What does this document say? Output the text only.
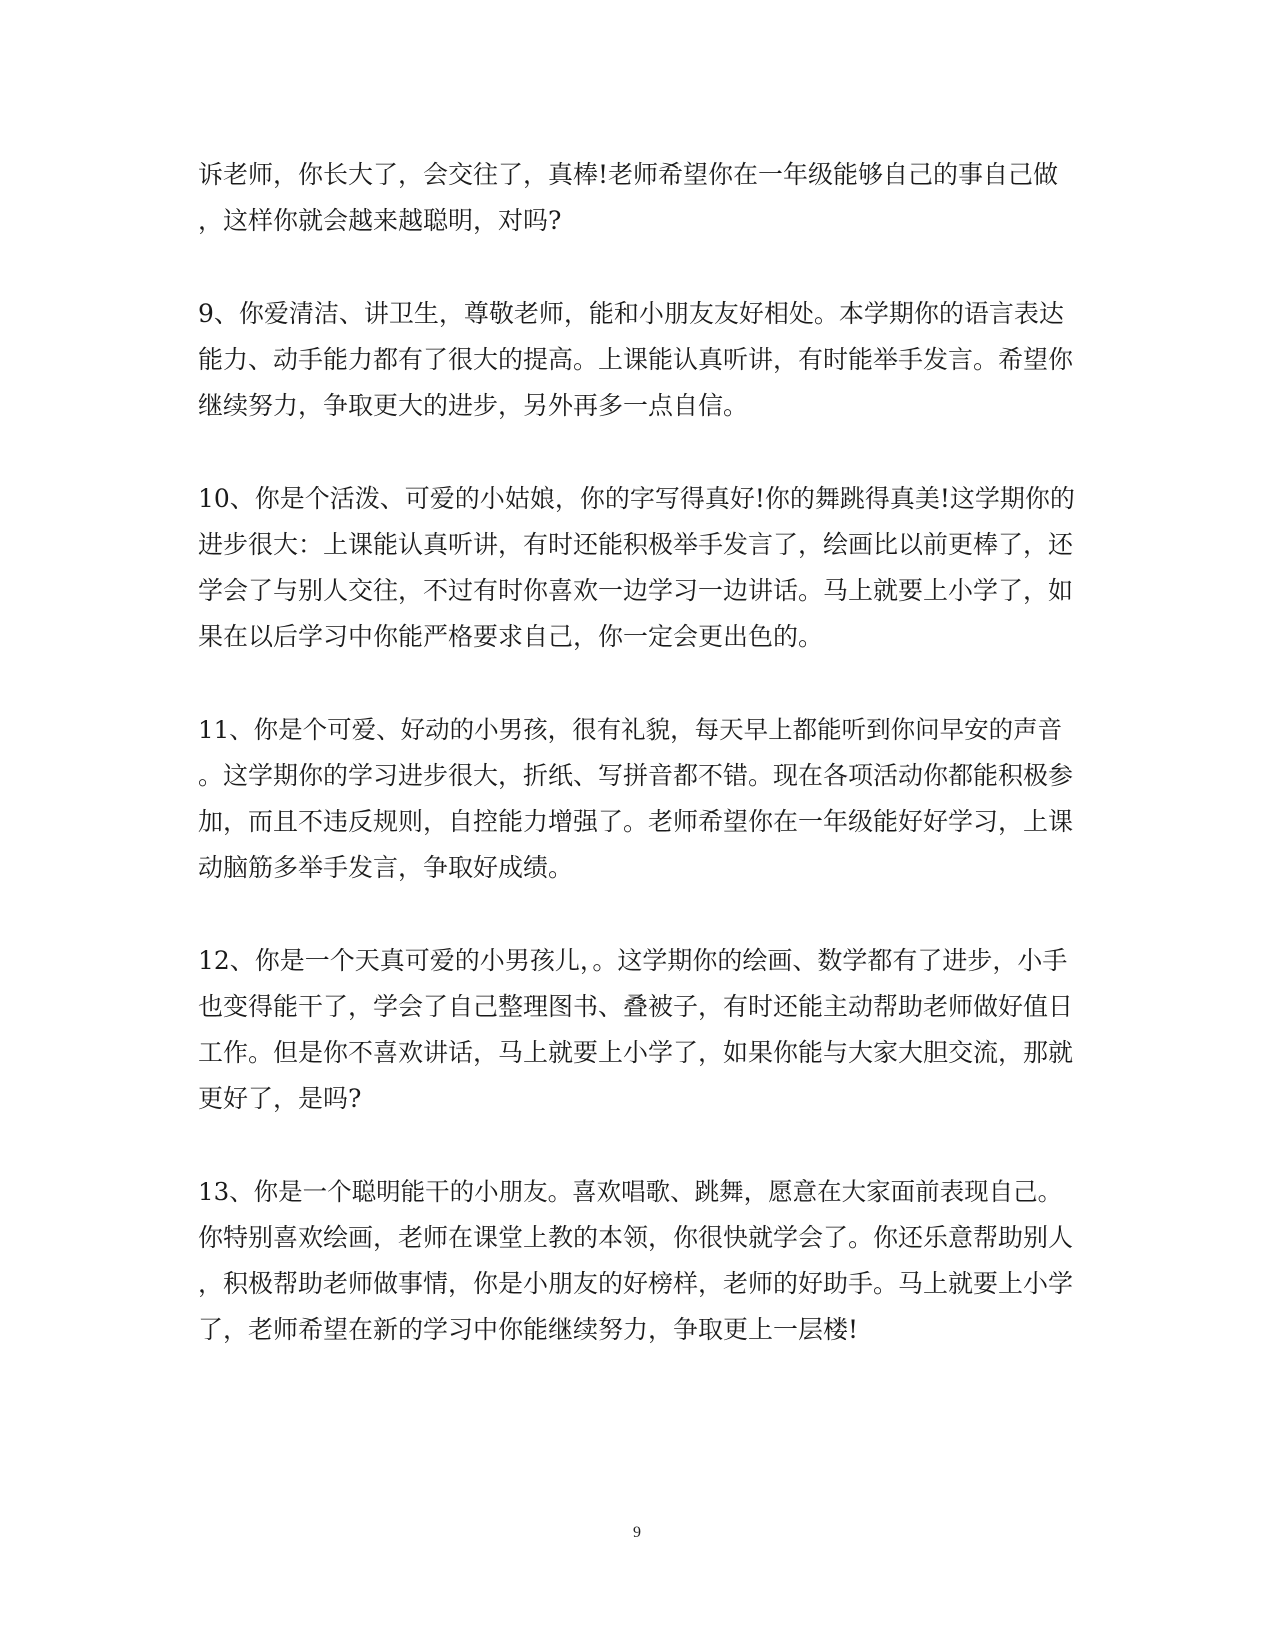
诉老师，你长大了，会交往了，真棒!老师希望你在一年级能够自己的事自己做
，这样你就会越来越聪明，对吗?
9、你爱清洁、讲卫生，尊敬老师，能和小朋友友好相处。本学期你的语言表达
能力、动手能力都有了很大的提高。上课能认真听讲，有时能举手发言。希望你
继续努力，争取更大的进步，另外再多一点自信。
10、你是个活泼、可爱的小姑娘，你的字写得真好!你的舞跳得真美!这学期你的
进步很大：上课能认真听讲，有时还能积极举手发言了，绘画比以前更棒了，还
学会了与别人交往，不过有时你喜欢一边学习一边讲话。马上就要上小学了，如
果在以后学习中你能严格要求自己，你一定会更出色的。
11、你是个可爱、好动的小男孩，很有礼貌，每天早上都能听到你问早安的声音
。这学期你的学习进步很大，折纸、写拼音都不错。现在各项活动你都能积极参
加，而且不违反规则，自控能力增强了。老师希望你在一年级能好好学习，上课
动脑筋多举手发言，争取好成绩。
12、你是一个天真可爱的小男孩儿，。这学期你的绘画、数学都有了进步，小手
也变得能干了，学会了自己整理图书、叠被子，有时还能主动帮助老师做好值日
工作。但是你不喜欢讲话，马上就要上小学了，如果你能与大家大胆交流，那就
更好了，是吗?
13、你是一个聪明能干的小朋友。喜欢唱歌、跳舞，愿意在大家面前表现自己。
你特别喜欢绘画，老师在课堂上教的本领，你很快就学会了。你还乐意帮助别人
，积极帮助老师做事情，你是小朋友的好榜样，老师的好助手。马上就要上小学
了，老师希望在新的学习中你能继续努力，争取更上一层楼!
9
